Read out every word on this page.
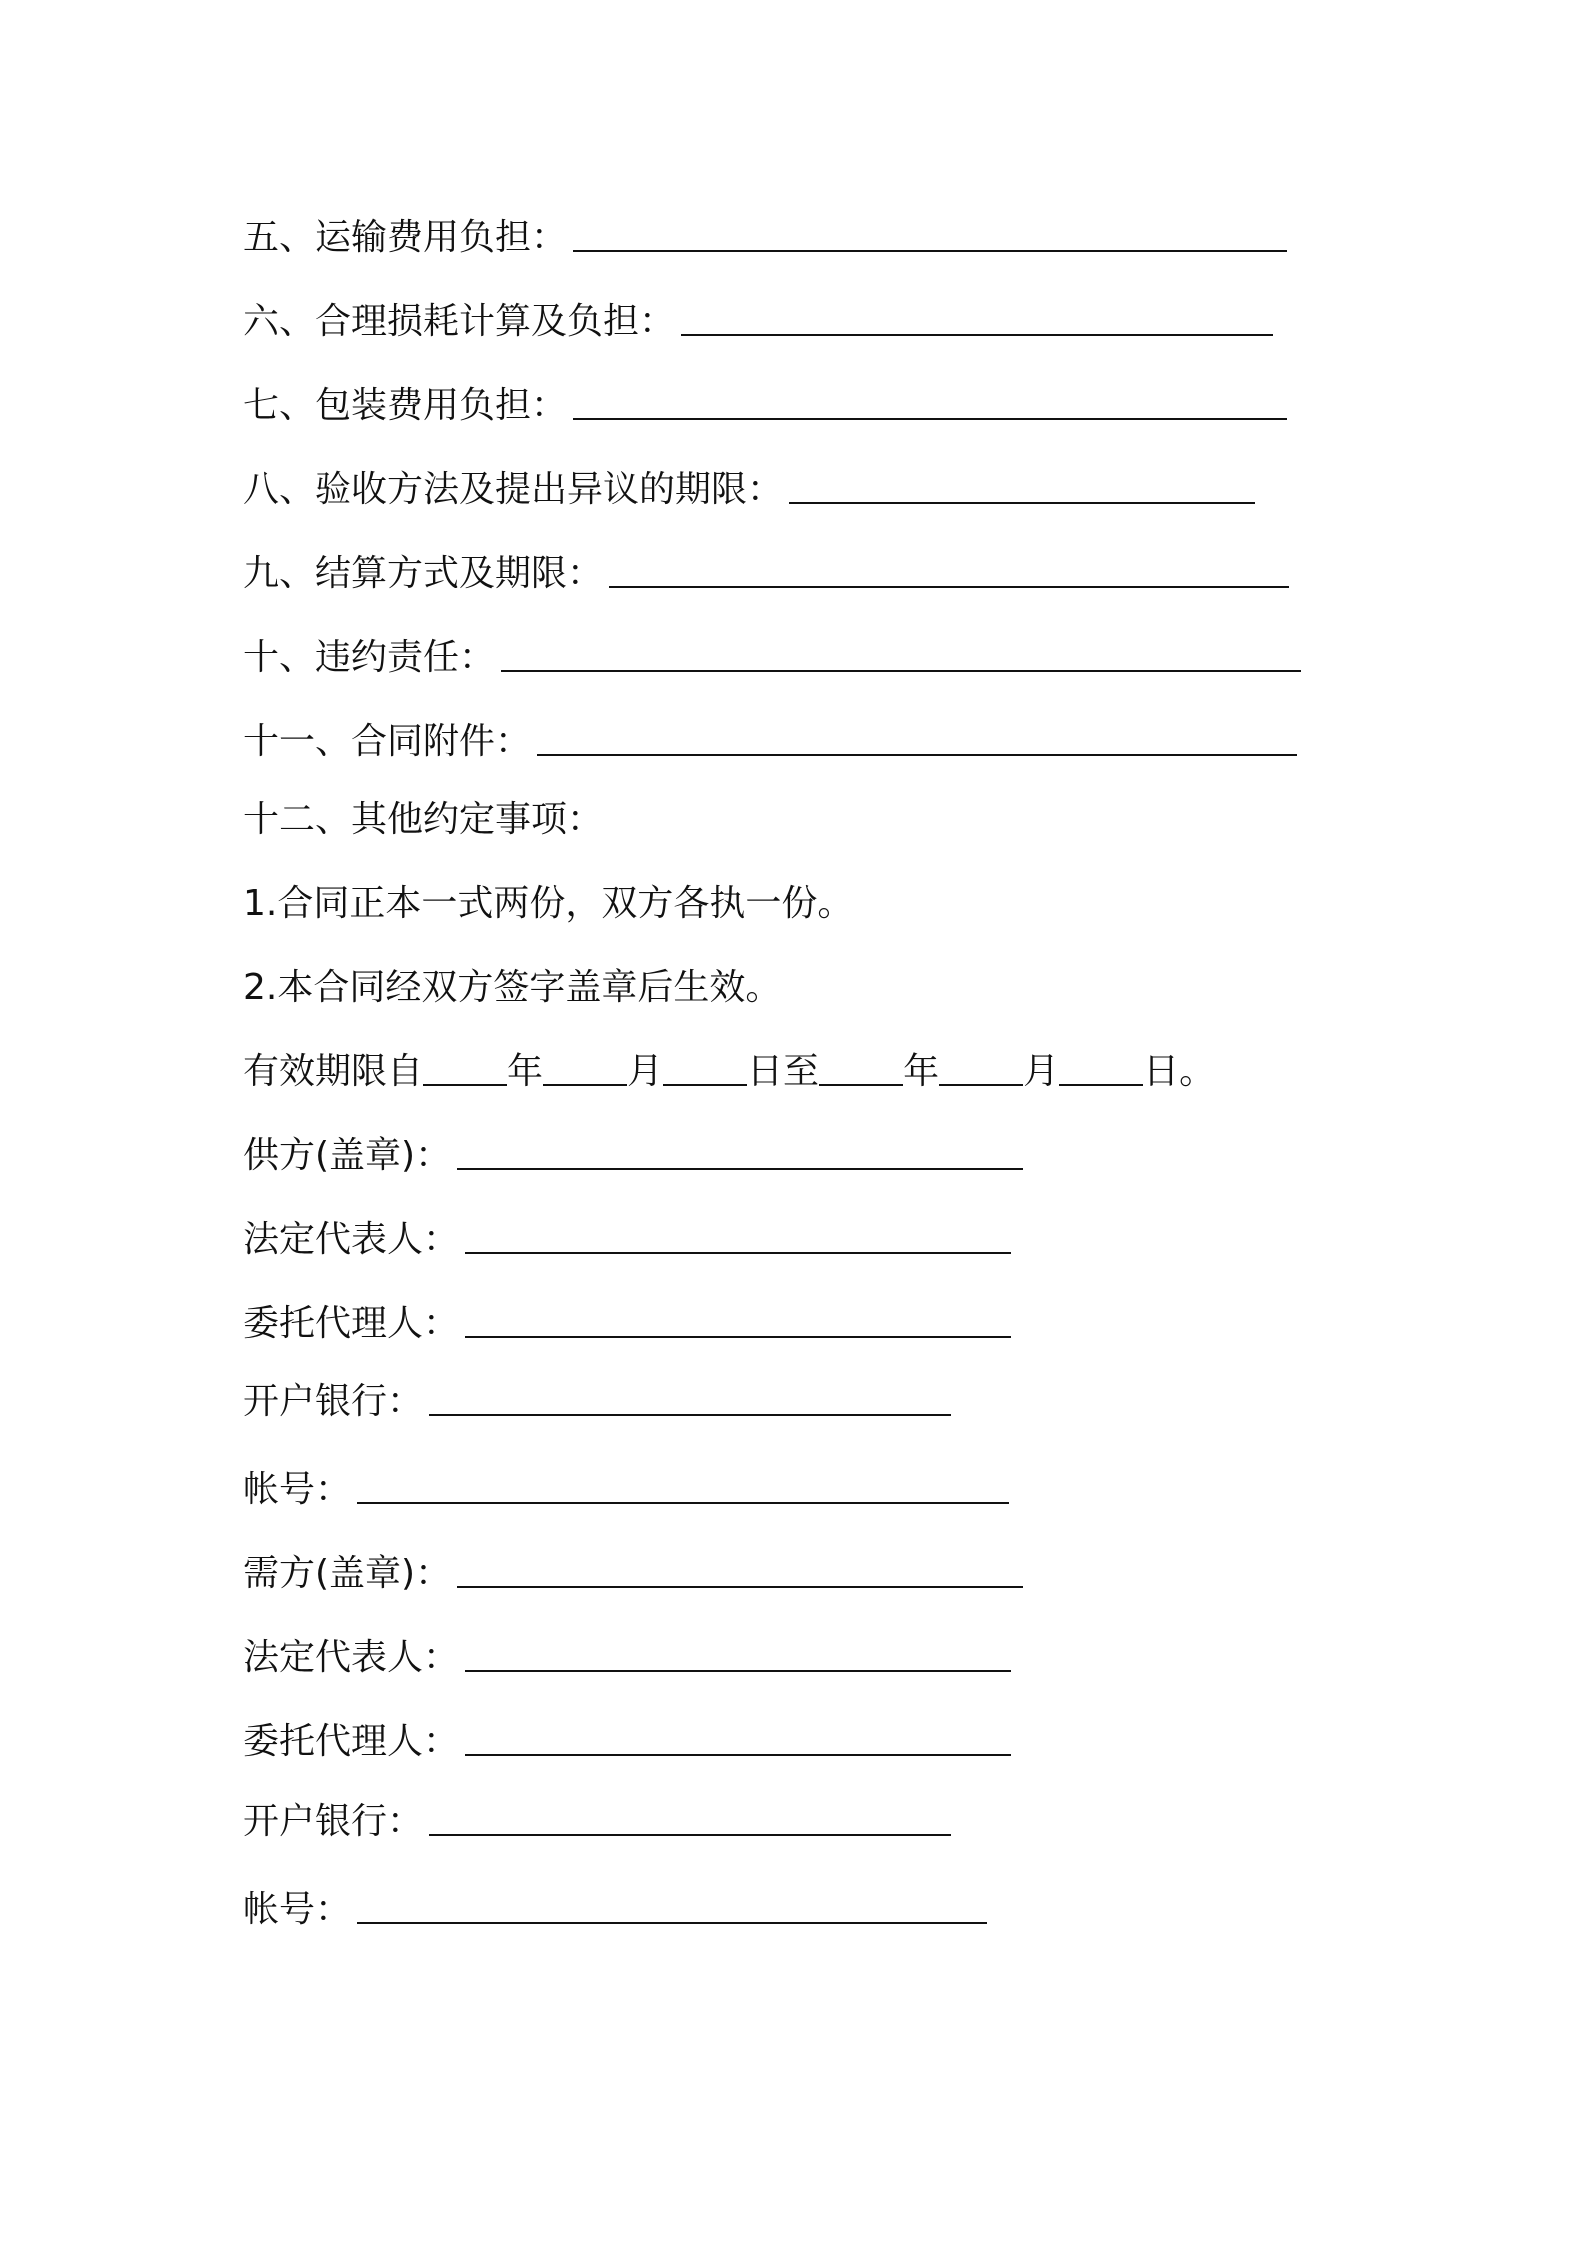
五、运输费用负担：
六、合理损耗计算及负担：
七、包装费用负担：
八、验收方法及提出异议的期限：
九、结算方式及期限：
十、违约责任：
十一、合同附件：
十二、其他约定事项：
1.合同正本一式两份，双方各执一份。
2.本合同经双方签字盖章后生效。
有效期限自 年 月 日至 年 月 日。
供方(盖章)：
法定代表人：
委托代理人：
开户银行：
帐号：
需方(盖章)：
法定代表人：
委托代理人：
开户银行：
帐号：
